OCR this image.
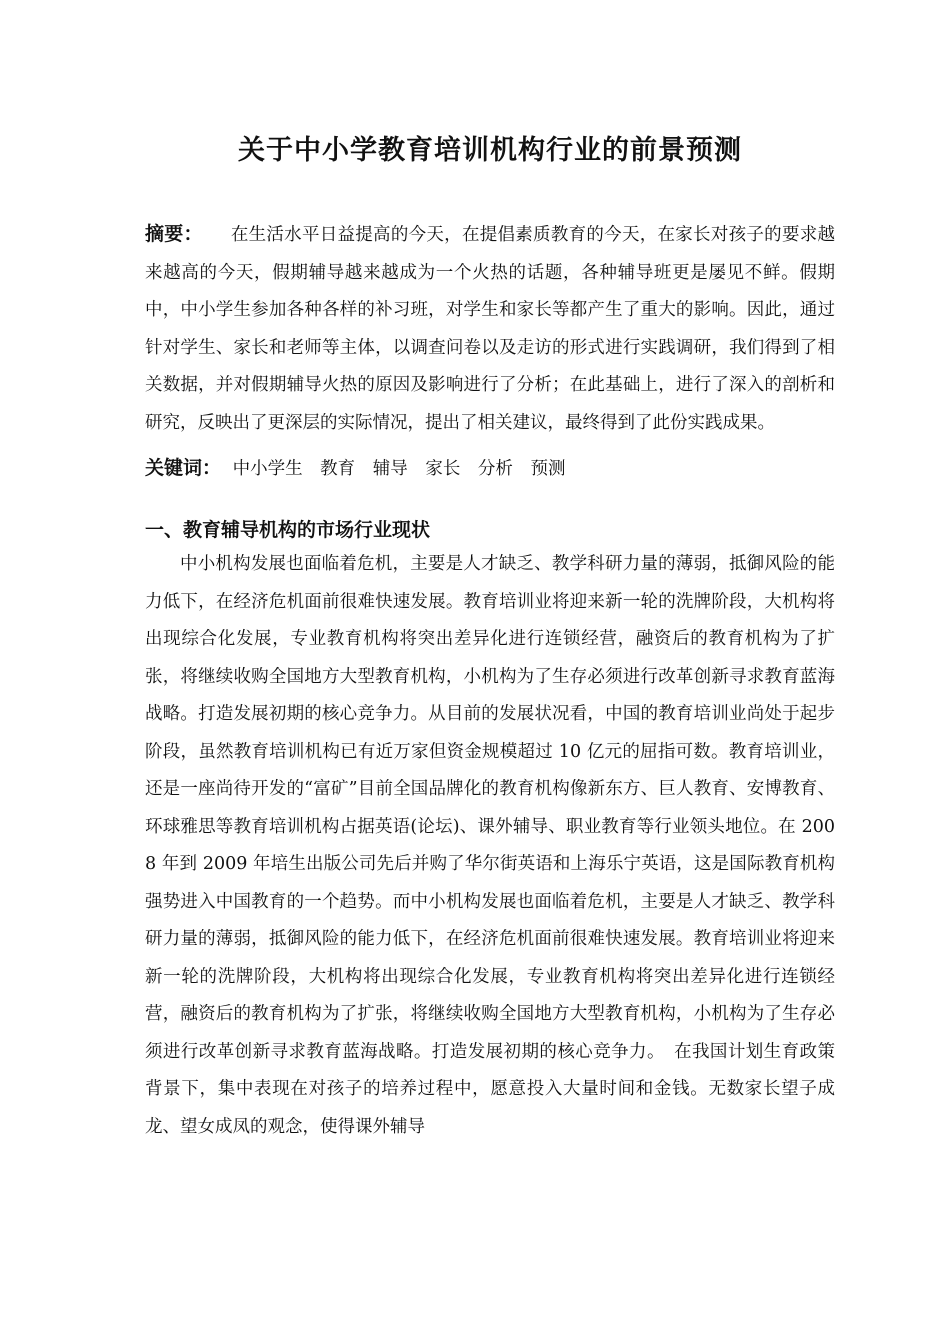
关于中小学教育培训机构行业的前景预测

摘要： 在生活水平日益提高的今天，在提倡素质教育的今天，在家长对孩子的要求越来越高的今天，假期辅导越来越成为一个火热的话题，各种辅导班更是屡见不鲜。假期中，中小学生参加各种各样的补习班，对学生和家长等都产生了重大的影响。因此，通过针对学生、家长和老师等主体，以调查问卷以及走访的形式进行实践调研，我们得到了相关数据，并对假期辅导火热的原因及影响进行了分析；在此基础上，进行了深入的剖析和研究，反映出了更深层的实际情况，提出了相关建议，最终得到了此份实践成果。

关键词： 中小学生 教育 辅导 家长 分析 预测

一、教育辅导机构的市场行业现状

中小机构发展也面临着危机，主要是人才缺乏、教学科研力量的薄弱，抵御风险的能力低下，在经济危机面前很难快速发展。教育培训业将迎来新一轮的洗牌阶段，大机构将出现综合化发展，专业教育机构将突出差异化进行连锁经营，融资后的教育机构为了扩张，将继续收购全国地方大型教育机构，小机构为了生存必须进行改革创新寻求教育蓝海战略。打造发展初期的核心竞争力。从目前的发展状况看，中国的教育培训业尚处于起步阶段，虽然教育培训机构已有近万家但资金规模超过 10 亿元的屈指可数。教育培训业，还是一座尚待开发的“富矿”目前全国品牌化的教育机构像新东方、巨人教育、安博教育、环球雅思等教育培训机构占据英语(论坛)、课外辅导、职业教育等行业领头地位。在 2008 年到 2009 年培生出版公司先后并购了华尔街英语和上海乐宁英语，这是国际教育机构强势进入中国教育的一个趋势。而中小机构发展也面临着危机，主要是人才缺乏、教学科研力量的薄弱，抵御风险的能力低下，在经济危机面前很难快速发展。教育培训业将迎来新一轮的洗牌阶段，大机构将出现综合化发展，专业教育机构将突出差异化进行连锁经营，融资后的教育机构为了扩张，将继续收购全国地方大型教育机构，小机构为了生存必须进行改革创新寻求教育蓝海战略。打造发展初期的核心竞争力。　在我国计划生育政策背景下，集中表现在对孩子的培养过程中，愿意投入大量时间和金钱。无数家长望子成龙、望女成凤的观念，使得课外辅导
